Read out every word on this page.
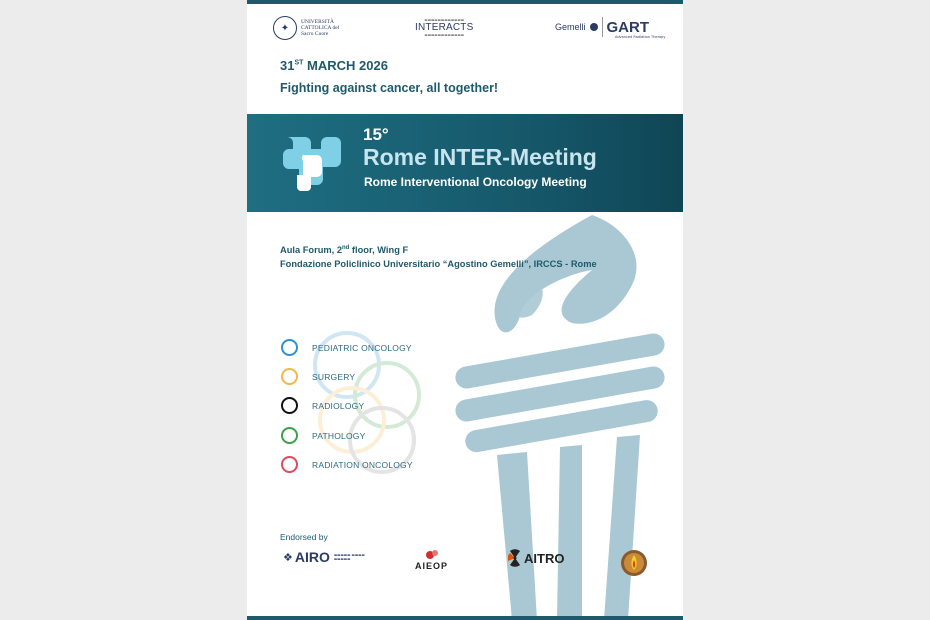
✦
UNIVERSITÀ CATTOLICA del Sacro Cuore
▬▬▬▬▬▬▬▬▬▬▬▬
INTERACTS
▬▬▬▬▬▬▬▬▬▬▬▬
Gemelli GART
Advanced Radiation Therapy
31ST MARCH 2026
Fighting against cancer, all together!
15°
Rome INTER-Meeting
Rome Interventional Oncology Meeting
Aula Forum, 2nd floor, Wing F
Fondazione Policlinico Universitario “Agostino Gemelli”, IRCCS - Rome
PEDIATRIC ONCOLOGY
SURGERY
RADIOLOGY
PATHOLOGY
RADIATION ONCOLOGY
Endorsed by
❖ AIRO ▬▬▬▬▬ ▬▬▬▬ ▬▬▬▬▬
AIEOP
AITRO
